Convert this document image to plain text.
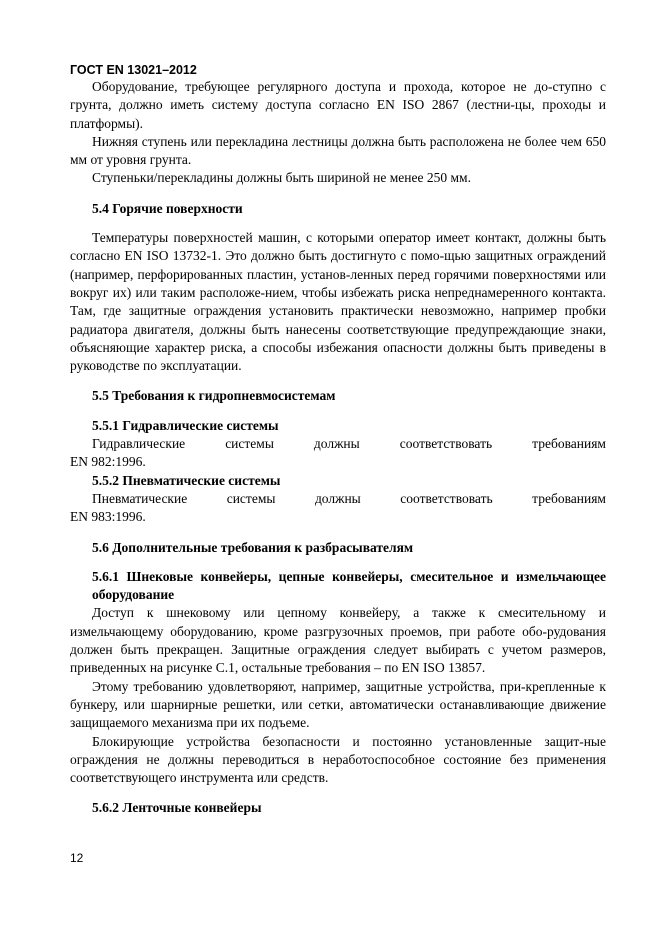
ГОСТ EN 13021–2012

Оборудование, требующее регулярного доступа и прохода, которое не до-ступно с грунта, должно иметь систему доступа согласно EN ISO 2867 (лестни-цы, проходы и платформы).

Нижняя ступень или перекладина лестницы должна быть расположена не более чем 650 мм от уровня грунта.

Ступеньки/перекладины должны быть шириной не менее 250 мм.

5.4 Горячие поверхности

Температуры поверхностей машин, с которыми оператор имеет контакт, должны быть согласно EN ISO 13732-1. Это должно быть достигнуто с помо-щью защитных ограждений (например, перфорированных пластин, установ-ленных перед горячими поверхностями или вокруг их) или таким расположе-нием, чтобы избежать риска непреднамеренного контакта. Там, где защитные ограждения установить практически невозможно, например пробки радиатора двигателя, должны быть нанесены соответствующие предупреждающие знаки, объясняющие характер риска, а способы избежания опасности должны быть приведены в руководстве по эксплуатации.

5.5 Требования к гидропневмосистемам
5.5.1 Гидравлические системы
Гидравлические	системы	должны	соответствовать	требованиям

EN 982:1996.

5.5.2 Пневматические системы
Пневматические	системы	должны	соответствовать	требованиям

EN 983:1996.

5.6 Дополнительные требования к разбрасывателям
5.6.1 Шнековые конвейеры, цепные конвейеры, смесительное и измельчающее оборудование

Доступ к шнековому или цепному конвейеру, а также к смесительному и измельчающему оборудованию, кроме разгрузочных проемов, при работе обо-рудования должен быть прекращен. Защитные ограждения следует выбирать с учетом размеров, приведенных на рисунке С.1, остальные требования – по EN ISO 13857.

Этому требованию удовлетворяют, например, защитные устройства, при-крепленные к бункеру, или шарнирные решетки, или сетки, автоматически останавливающие движение защищаемого механизма при их подъеме.

Блокирующие устройства безопасности и постоянно установленные защит-ные ограждения не должны переводиться в неработоспособное состояние без применения соответствующего инструмента или средств.

5.6.2 Ленточные конвейеры
12
